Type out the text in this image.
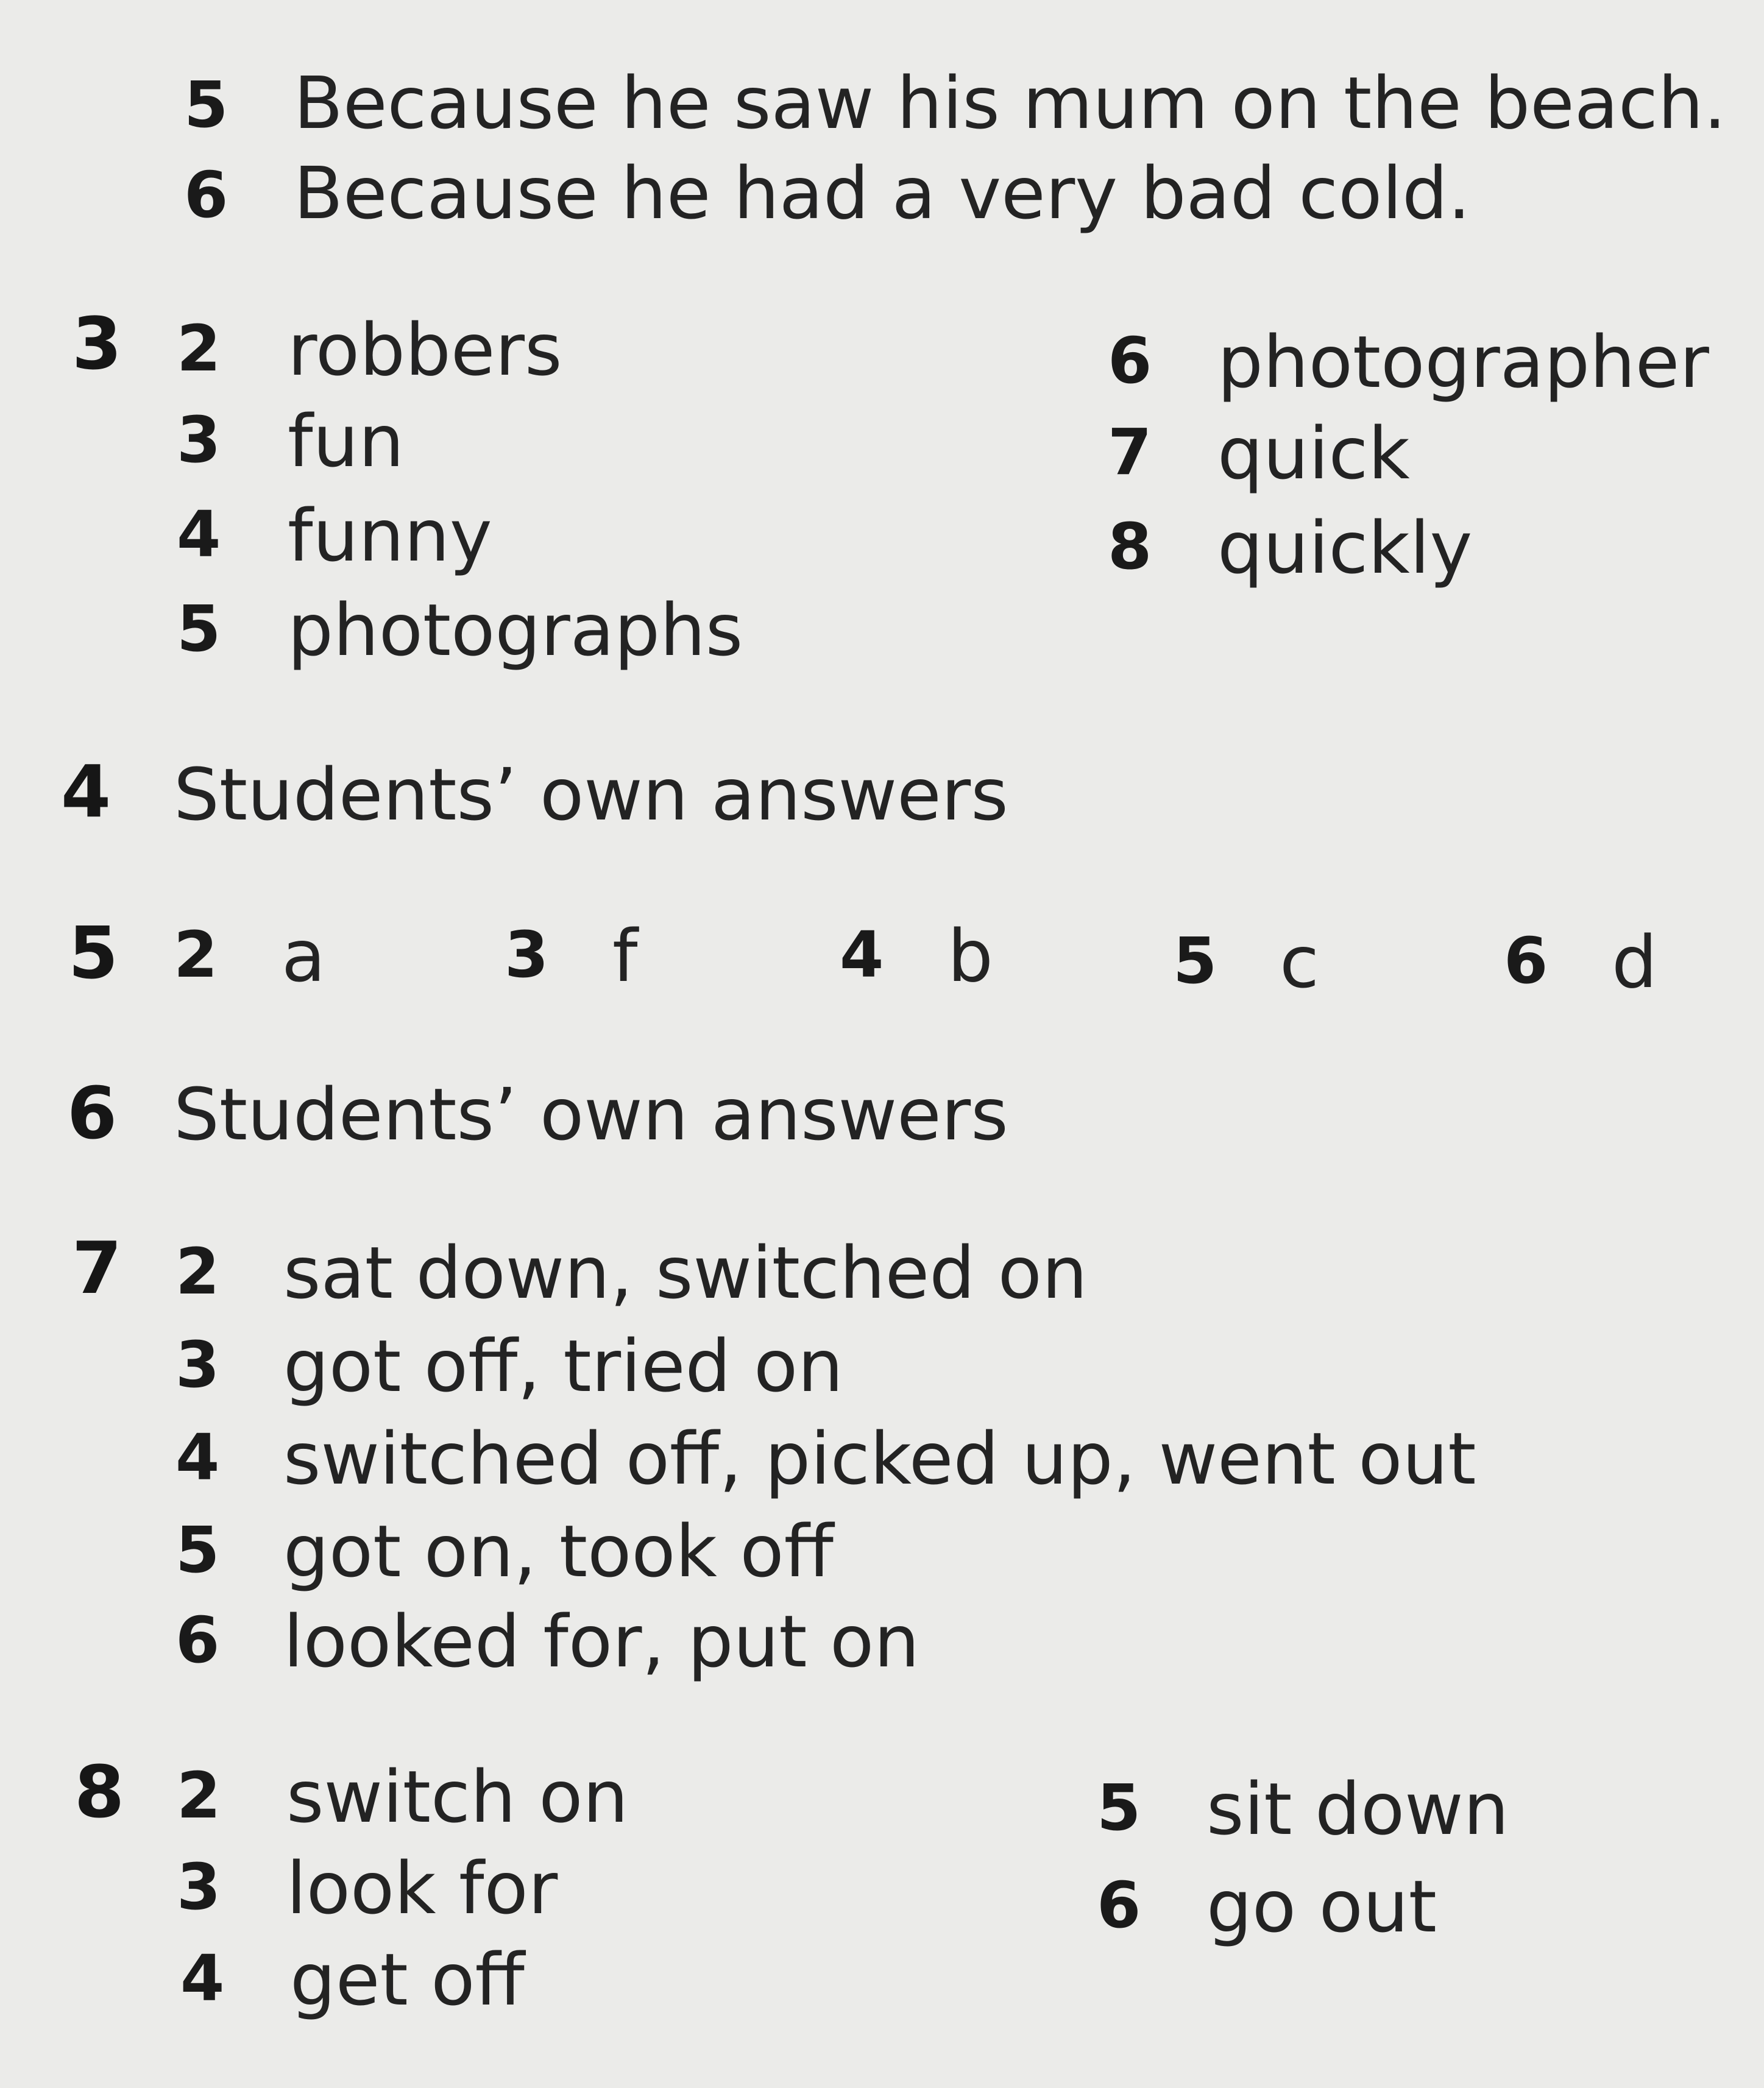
5 Because he saw his mum on the beach.
6 Because he had a very bad cold.
3 2 robbers
3 fun
4 funny
5 photographs
6 photographer
7 quick
8 quickly
4 Students’ own answers
5 2 a	3 f	4 b	5 c	6 d
6 Students’ own answers
7 2 sat down, switched on
3 got off, tried on
4 switched off, picked up, went out
5 got on, took off
6 looked for, put on
8 2 switch on
3 look for
4 get off
5 sit down
6 go out
